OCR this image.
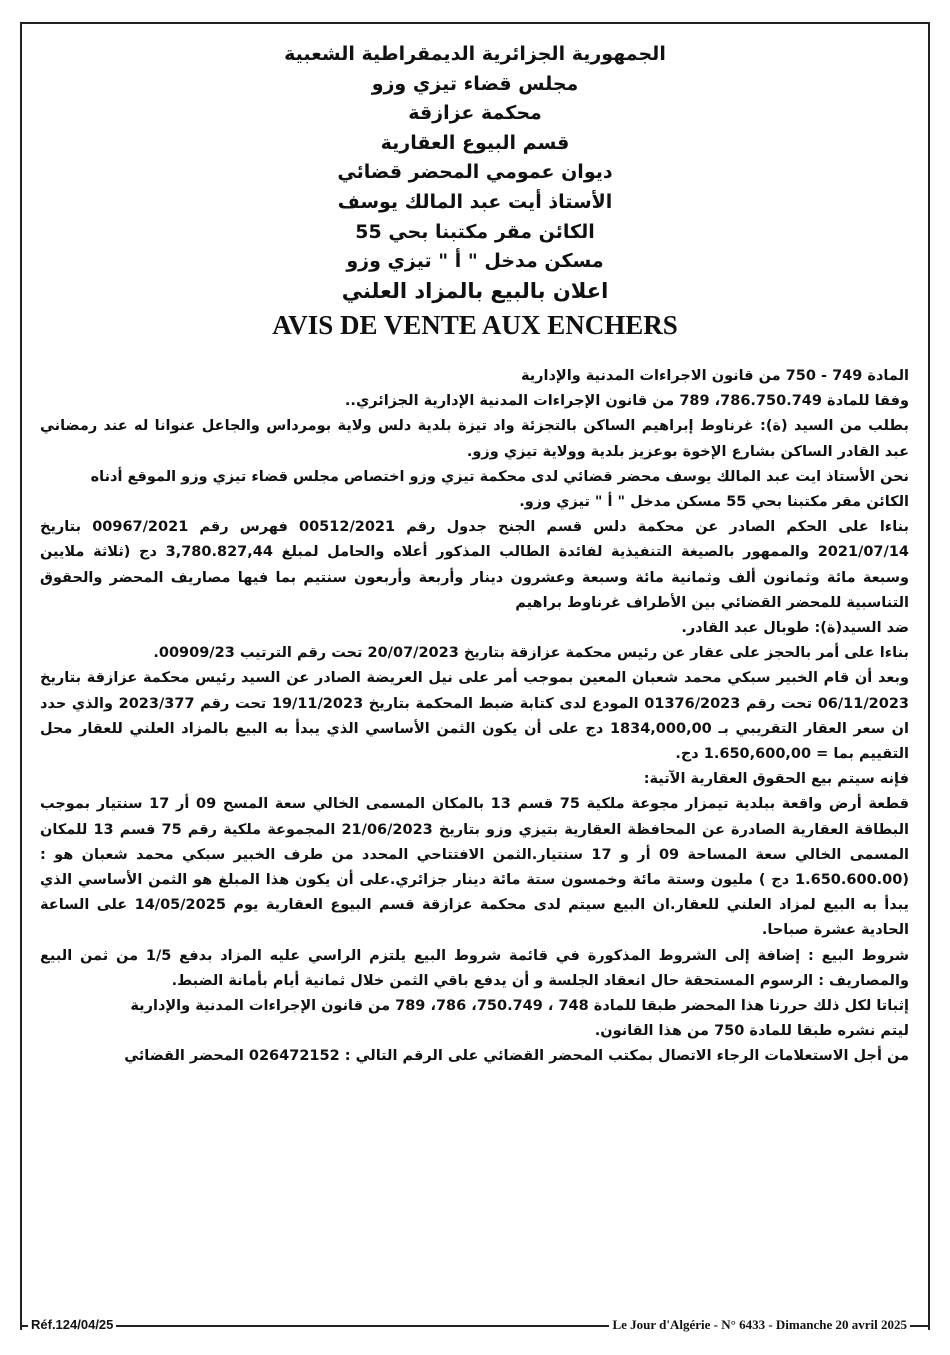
الجمهورية الجزائرية الديمقراطية الشعبية
مجلس قضاء تيزي وزو
محكمة عزازقة
قسم البيوع العقارية
ديوان عمومي المحضر قضائي
الأستاذ أيت عبد المالك يوسف
الكائن مقر مكتبنا بحي 55
مسكن مدخل " أ " تيزي وزو
اعلان بالبيع بالمزاد العلني
AVIS DE VENTE AUX ENCHERS

المادة 749 - 750 من قانون الاجراءات المدنية والإدارية

وفقا للمادة 786.750.749، 789 من قانون الإجراءات المدنية الإدارية الجزائري..

بطلب من السيد (ة): غرناوط إبراهيم الساكن بالتجزئة واد تيزة بلدية دلس ولاية بومرداس والجاعل عنوانا له عند رمضاني عبد القادر الساكن بشارع الإخوة بوعزيز بلدية وولاية تيزي وزو.

نحن الأستاذ ايت عبد المالك يوسف محضر قضائي لدى محكمة تيزي وزو اختصاص مجلس قضاء تيزي وزو الموقع أدناه

الكائن مقر مكتبنا بحي 55 مسكن مدخل " أ " تيزي وزو.

بناءا على الحكم الصادر عن محكمة دلس قسم الجنح جدول رقم 00512/2021 فهرس رقم 00967/2021 بتاريخ 2021/07/14 والممهور بالصيغة التنفيذية لفائدة الطالب المذكور أعلاه والحامل لمبلغ 3,780.827,44 دج (ثلاثة ملايين وسبعة مائة وثمانون ألف وثمانية مائة وسبعة وعشرون دينار وأربعة وأربعون سنتيم بما فيها مصاريف المحضر والحقوق التناسبية للمحضر القضائي بين الأطراف غرناوط براهيم

ضد السيد(ة): طوبال عبد القادر.

بناءا على أمر بالحجز على عقار عن رئيس محكمة عزازقة بتاريخ 20/07/2023 تحت رقم الترتيب 00909/23.

وبعد أن قام الخبير سبكي محمد شعبان المعين بموجب أمر على نيل العريضة الصادر عن السيد رئيس محكمة عزازقة بتاريخ 06/11/2023 تحت رقم 01376/2023 المودع لدى كتابة ضبط المحكمة بتاريخ 19/11/2023 تحت رقم 2023/377 والذي حدد ان سعر العقار التقريبي بـ 1834,000,00 دج على أن يكون الثمن الأساسي الذي يبدأ به البيع بالمزاد العلني للعقار محل التقييم بما = 1.650,600,00 دج.

فإنه سيتم بيع الحقوق العقارية الآتية:

قطعة أرض واقعة ببلدية تيمزار مجوعة ملكية 75 قسم 13 بالمكان المسمى الخالي سعة المسح 09 أر 17 سنتيار بموجب البطاقة العقارية الصادرة عن المحافظة العقارية بتيزي وزو بتاريخ 21/06/2023 المجموعة ملكية رقم 75 قسم 13 للمكان المسمى الخالي سعة المساحة 09 أر و 17 سنتيار.الثمن الافتتاحي المحدد من طرف الخبير سبكي محمد شعبان هو : (1.650.600.00 دج ) مليون وستة مائة وخمسون ستة مائة دينار جزائري.على أن يكون هذا المبلغ هو الثمن الأساسي الذي يبدأ به البيع لمزاد العلني للعقار.ان البيع سيتم لدى محكمة عزازقة قسم البيوع العقارية يوم 14/05/2025 على الساعة الحادية عشرة صباحا.

شروط البيع : إضافة إلى الشروط المذكورة في قائمة شروط البيع يلتزم الراسي عليه المزاد بدفع 1/5 من ثمن البيع والمصاريف : الرسوم المستحقة حال انعقاد الجلسة و أن يدفع باقي الثمن خلال ثمانية أيام بأمانة الضبط.

إثباتا لكل ذلك حررنا هذا المحضر طبقا للمادة 748 ، 750.749، 786، 789 من قانون الإجراءات المدنية والإدارية

ليتم نشره طبقا للمادة 750 من هذا القانون.

من أجل الاستعلامات الرجاء الاتصال بمكتب المحضر القضائي على الرقم التالي : 026472152 المحضر القضائي

Réf.124/04/25	Le Jour d'Algérie - N° 6433 - Dimanche 20 avril 2025
